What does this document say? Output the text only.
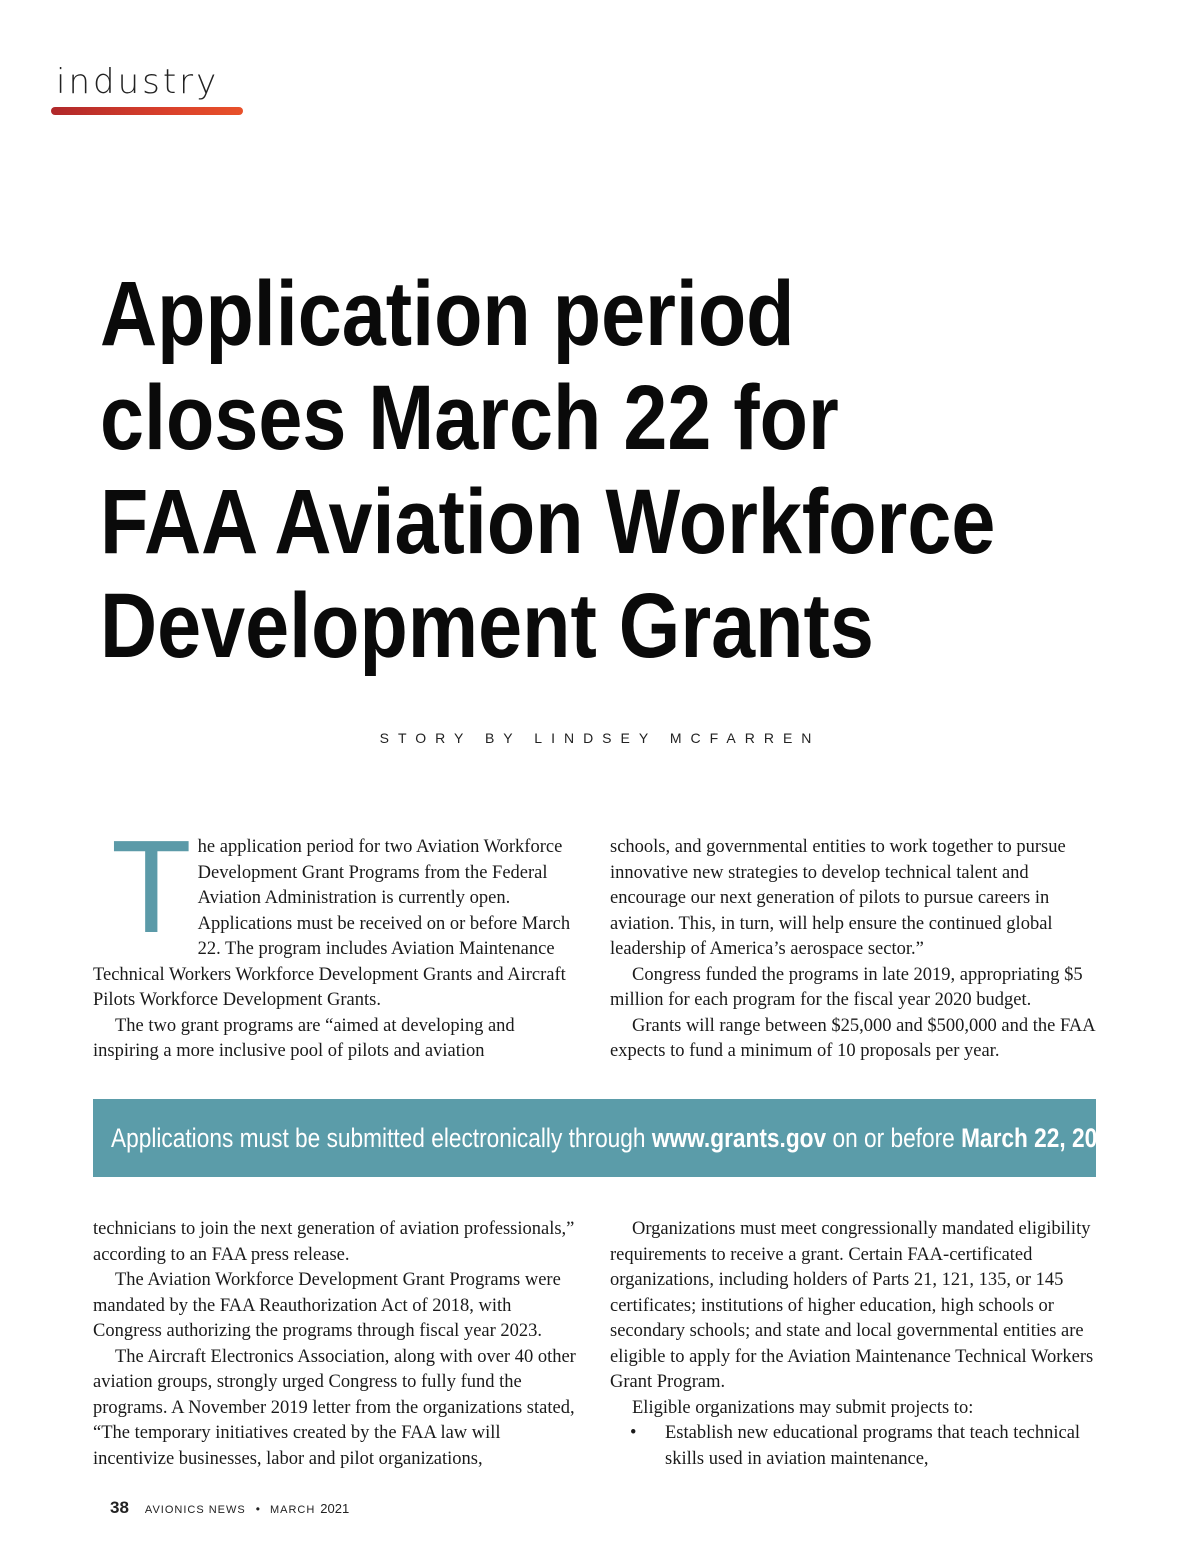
industry
Application period
closes March 22 for
FAA Aviation Workforce
Development Grants
STORY BY LINDSEY MCFARREN
T he application period for two Aviation Workforce Development Grant Programs from the Federal Aviation Administration is currently open. Applications must be received on or before March 22. The program includes Aviation Maintenance Technical Workers Workforce Development Grants and Aircraft Pilots Workforce Development Grants.

The two grant programs are “aimed at developing and inspiring a more inclusive pool of pilots and aviation

schools, and governmental entities to work together to pursue innovative new strategies to develop technical talent and encourage our next generation of pilots to pursue careers in aviation. This, in turn, will help ensure the continued global leadership of America’s aerospace sector.”

Congress funded the programs in late 2019, appropriating $5 million for each program for the fiscal year 2020 budget.

Grants will range between $25,000 and $500,000 and the FAA expects to fund a minimum of 10 proposals per year.

Applications must be submitted electronically through www.grants.gov on or before March 22, 2021.

technicians to join the next generation of aviation professionals,” according to an FAA press release.

The Aviation Workforce Development Grant Programs were mandated by the FAA Reauthorization Act of 2018, with Congress authorizing the programs through fiscal year 2023.

The Aircraft Electronics Association, along with over 40 other aviation groups, strongly urged Congress to fully fund the programs. A November 2019 letter from the organizations stated, “The temporary initiatives created by the FAA law will incentivize businesses, labor and pilot organizations,

Organizations must meet congressionally mandated eligibility requirements to receive a grant. Certain FAA-certificated organizations, including holders of Parts 21, 121, 135, or 145 certificates; institutions of higher education, high schools or secondary schools; and state and local governmental entities are eligible to apply for the Aviation Maintenance Technical Workers Grant Program.

Eligible organizations may submit projects to:

•	Establish new educational programs that teach technical skills used in aviation maintenance,
38 AVIONICS NEWS • MARCH 2021
